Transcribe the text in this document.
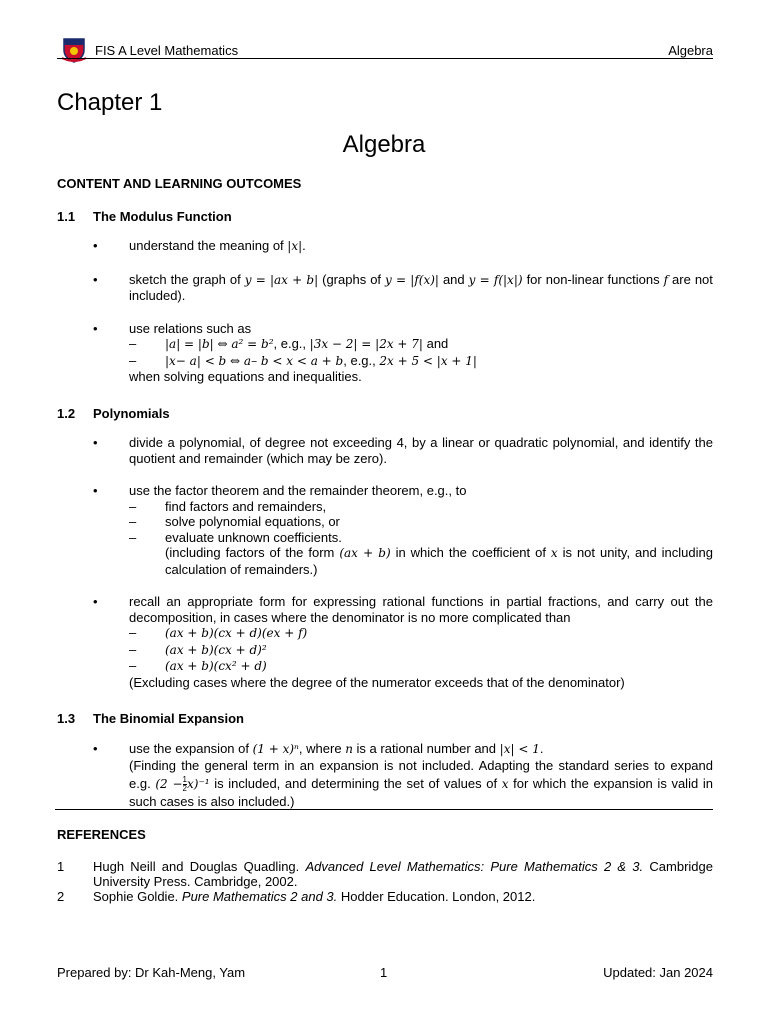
FIS A Level Mathematics	Algebra
Chapter 1
Algebra
CONTENT AND LEARNING OUTCOMES
1.1 The Modulus Function
• understand the meaning of |x|.
• sketch the graph of y = |ax + b| (graphs of y = |f(x)| and y = f(|x|) for non-linear functions f are not included).
• use relations such as
– |a| = |b| ⇔ a² = b², e.g., |3x − 2| = |2x + 7| and
– |x− a| < b ⇔ a– b < x < a + b, e.g., 2x + 5 < |x + 1|
when solving equations and inequalities.
1.2 Polynomials
• divide a polynomial, of degree not exceeding 4, by a linear or quadratic polynomial, and identify the quotient and remainder (which may be zero).
• use the factor theorem and the remainder theorem, e.g., to
– find factors and remainders,
– solve polynomial equations, or
– evaluate unknown coefficients.
(including factors of the form (ax + b) in which the coefficient of x is not unity, and including calculation of remainders.)
• recall an appropriate form for expressing rational functions in partial fractions, and carry out the decomposition, in cases where the denominator is no more complicated than
– (ax + b)(cx + d)(ex + f)
– (ax + b)(cx + d)²
– (ax + b)(cx² + d)
(Excluding cases where the degree of the numerator exceeds that of the denominator)
1.3 The Binomial Expansion
• use the expansion of (1 + x)ⁿ, where n is a rational number and |x| < 1.
(Finding the general term in an expansion is not included. Adapting the standard series to expand e.g. $(2 - \frac{1}{2} x)^{-1}$ is included, and determining the set of values of x for which the expansion is valid in such cases is also included.)
REFERENCES
1 Hugh Neill and Douglas Quadling. Advanced Level Mathematics: Pure Mathematics 2 & 3. Cambridge University Press. Cambridge, 2002.
2 Sophie Goldie. Pure Mathematics 2 and 3. Hodder Education. London, 2012.
Prepared by: Dr Kah-Meng, Yam	1	Updated: Jan 2024
